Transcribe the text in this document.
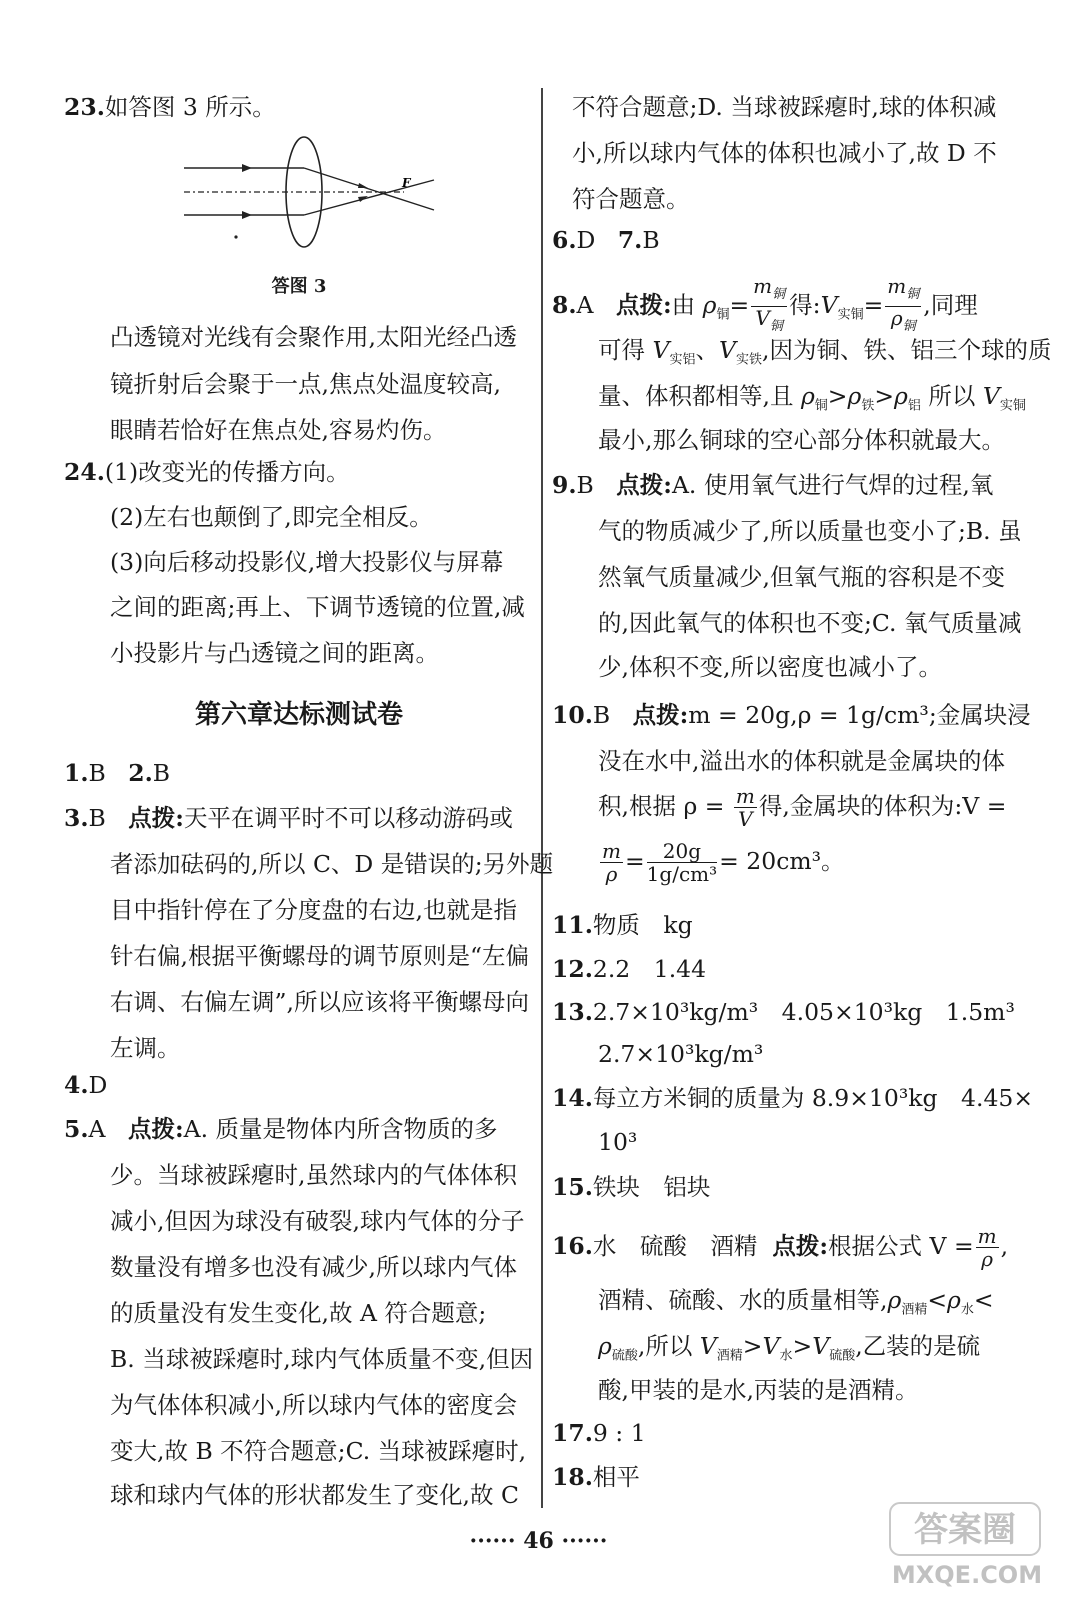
23.如答图 3 所示。
F
答图 3
凸透镜对光线有会聚作用,太阳光经凸透
镜折射后会聚于一点,焦点处温度较高,
眼睛若恰好在焦点处,容易灼伤。
24.(1)改变光的传播方向。
(2)左右也颠倒了,即完全相反。
(3)向后移动投影仪,增大投影仪与屏幕
之间的距离;再上、下调节透镜的位置,减
小投影片与凸透镜之间的距离。
第六章达标测试卷
1.B 2.B
3.B 点拨:天平在调平时不可以移动游码或
者添加砝码的,所以 C、D 是错误的;另外题
目中指针停在了分度盘的右边,也就是指
针右偏,根据平衡螺母的调节原则是“左偏
右调、右偏左调”,所以应该将平衡螺母向
左调。
4.D
5.A 点拨:A. 质量是物体内所含物质的多
少。当球被踩瘪时,虽然球内的气体体积
减小,但因为球没有破裂,球内气体的分子
数量没有增多也没有减少,所以球内气体
的质量没有发生变化,故 A 符合题意;
B. 当球被踩瘪时,球内气体质量不变,但因
为气体体积减小,所以球内气体的密度会
变大,故 B 不符合题意;C. 当球被踩瘪时,
球和球内气体的形状都发生了变化,故 C
不符合题意;D. 当球被踩瘪时,球的体积减
小,所以球内气体的体积也减小了,故 D 不
符合题意。
6.D 7.B
8.A 点拨:由 $\rho_铜= \frac{m_铜}{V_铜}$ 得$:V_{实铜}= \frac{m_铜}{\rho_铜}$ ,同理
可得 $V_{实铝}$、$V_{实铁}$,因为铜、铁、铝三个球的质
量、体积都相等,且 $\rho_铜>\rho_铁>\rho_铝$ 所以 $V_{实铜}$
最小,那么铜球的空心部分体积就最大。
9.B 点拨:A. 使用氧气进行气焊的过程,氧
气的物质减少了,所以质量也变小了;B. 虽
然氧气质量减少,但氧气瓶的容积是不变
的,因此氧气的体积也不变;C. 氧气质量减
少,体积不变,所以密度也减小了。
10.B 点拨:m = 20g,ρ = 1g/cm³;金属块浸
没在水中,溢出水的体积就是金属块的体
积,根据 $\rho = \frac{m}{V}$ 得,金属块的体积为:V =
$\frac{m}{\rho} = \frac{20g}{\text{1g/cm³}} = 20cm^3$。
11.物质　kg
12.2.2　1.44
13.2.7×10³kg/m³　4.05×10³kg　1.5m³
2.7×10³kg/m³
14.每立方米铜的质量为 8.9×10³kg　4.45×
10³
15.铁块　铝块
16.水　硫酸　酒精 点拨:根据公式 $V = \frac{m}{\rho}$ ,
酒精、硫酸、水的质量相等$,\rho_{酒精}<\rho_水<$
$\rho_{硫酸}$,所以 $V_{酒精}>V_水>V_{硫酸}$,乙装的是硫
酸,甲装的是水,丙装的是酒精。
17.9 : 1
18.相平
······ 46 ······	答案圈
MXQE.COM
